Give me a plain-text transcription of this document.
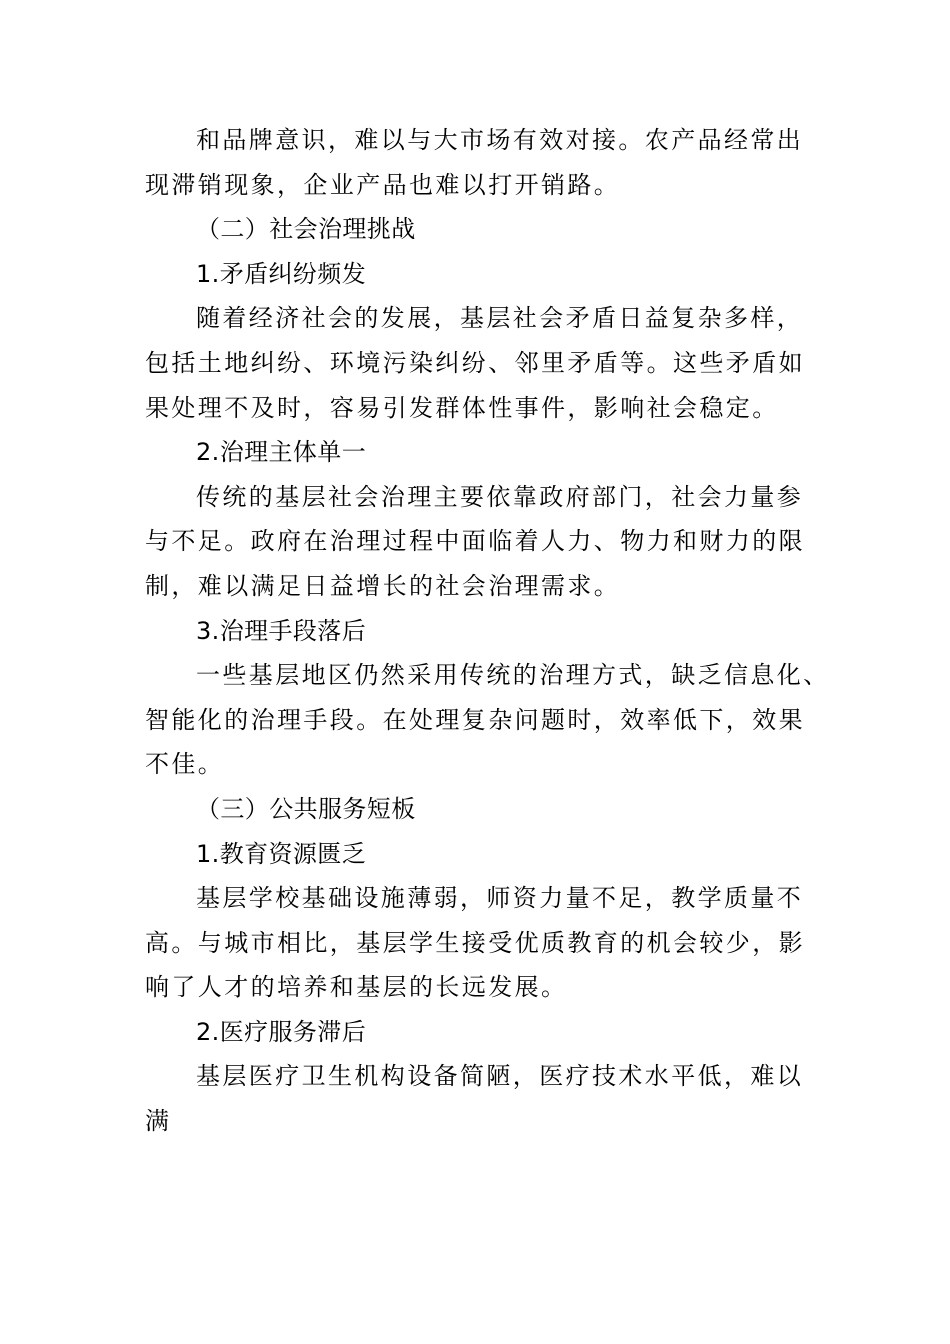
和品牌意识，难以与大市场有效对接。农产品经常出
现滞销现象，企业产品也难以打开销路。
（二）社会治理挑战
1.矛盾纠纷频发
随着经济社会的发展，基层社会矛盾日益复杂多样，
包括土地纠纷、环境污染纠纷、邻里矛盾等。这些矛盾如
果处理不及时，容易引发群体性事件，影响社会稳定。
2.治理主体单一
传统的基层社会治理主要依靠政府部门，社会力量参
与不足。政府在治理过程中面临着人力、物力和财力的限
制，难以满足日益增长的社会治理需求。
3.治理手段落后
一些基层地区仍然采用传统的治理方式，缺乏信息化、
智能化的治理手段。在处理复杂问题时，效率低下，效果
不佳。
（三）公共服务短板
1.教育资源匮乏
基层学校基础设施薄弱，师资力量不足，教学质量不
高。与城市相比，基层学生接受优质教育的机会较少，影
响了人才的培养和基层的长远发展。
2.医疗服务滞后
基层医疗卫生机构设备简陋，医疗技术水平低，难以
满
